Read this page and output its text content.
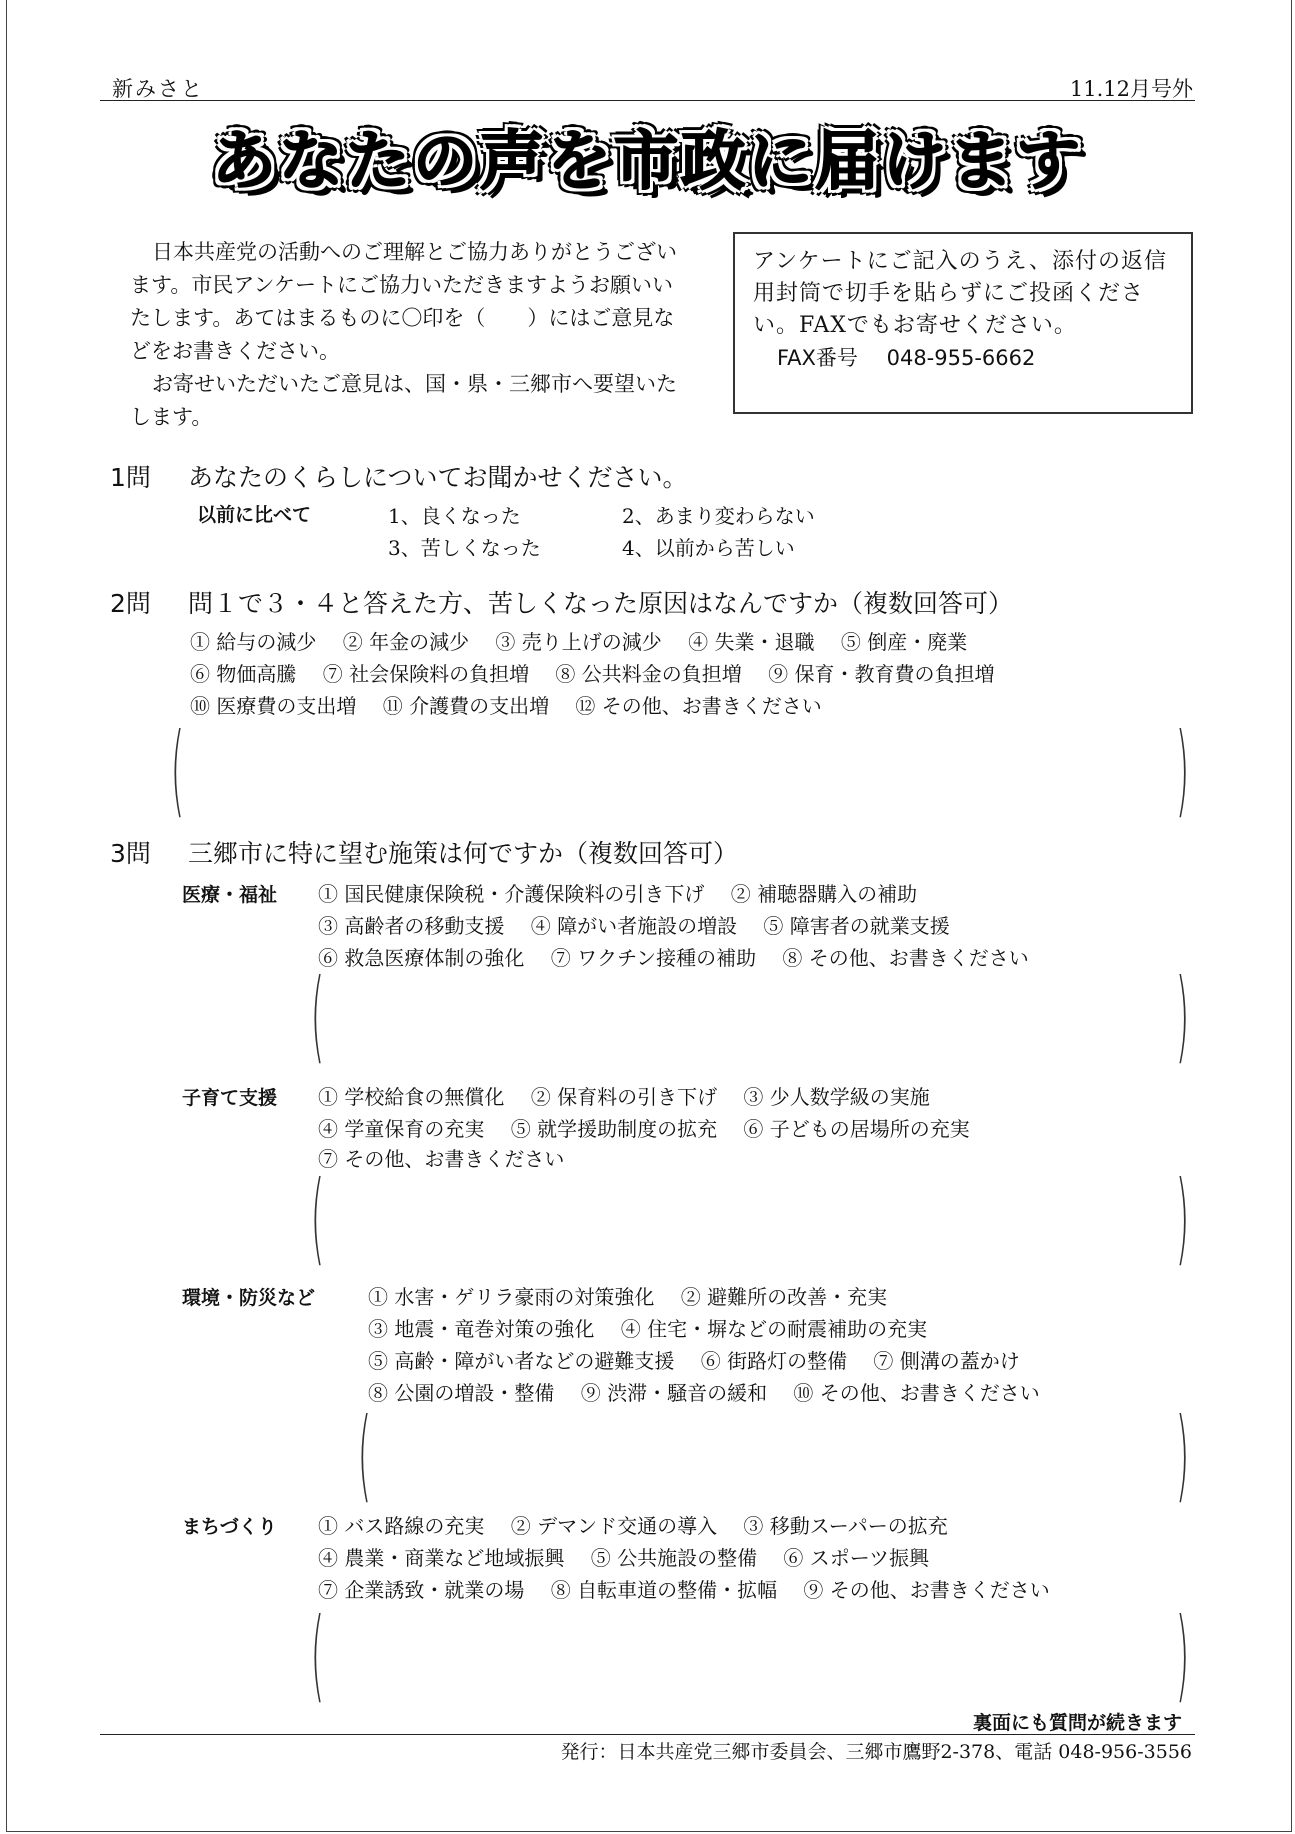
新みさと	11.12月号外
あなたの声を市政に届けます

日本共産党の活動へのご理解とご協力ありがとうございます。市民アンケートにご協力いただきますようお願いいたします。あてはまるものに〇印を（　　）にはご意見などをお書きください。

お寄せいただいたご意見は、国・県・三郷市へ要望いたします。

アンケートにご記入のうえ、添付の返信用封筒で切手を貼らずにご投函ください。FAXでもお寄せください。
FAX番号 048-955-6662
1問 あなたのくらしについてお聞かせください。
以前に比べて	1、良くなった	2、あまり変わらない
3、苦しくなった	4、以前から苦しい
2問 問１で３・４と答えた方、苦しくなった原因はなんですか（複数回答可）
① 給与の減少　 ② 年金の減少　 ③ 売り上げの減少　 ④ 失業・退職　 ⑤ 倒産・廃業
⑥ 物価高騰　 ⑦ 社会保険料の負担増　 ⑧ 公共料金の負担増　 ⑨ 保育・教育費の負担増
⑩ 医療費の支出増　 ⑪ 介護費の支出増　 ⑫ その他、お書きください
(	)
3問 三郷市に特に望む施策は何ですか（複数回答可）
医療・福祉 ① 国民健康保険税・介護保険料の引き下げ　 ② 補聴器購入の補助
③ 高齢者の移動支援　 ④ 障がい者施設の増設　 ⑤ 障害者の就業支援
⑥ 救急医療体制の強化　 ⑦ ワクチン接種の補助　 ⑧ その他、お書きください
(	)
子育て支援 ① 学校給食の無償化　 ② 保育料の引き下げ　 ③ 少人数学級の実施
④ 学童保育の充実　 ⑤ 就学援助制度の拡充　 ⑥ 子どもの居場所の充実
⑦ その他、お書きください
(	)
環境・防災など	① 水害・ゲリラ豪雨の対策強化　 ② 避難所の改善・充実
③ 地震・竜巻対策の強化　 ④ 住宅・塀などの耐震補助の充実
⑤ 高齢・障がい者などの避難支援　 ⑥ 街路灯の整備　 ⑦ 側溝の蓋かけ
⑧ 公園の増設・整備　 ⑨ 渋滞・騒音の緩和　 ⑩ その他、お書きください
(	)
まちづくり ① バス路線の充実　 ② デマンド交通の導入　 ③ 移動スーパーの拡充
④ 農業・商業など地域振興　 ⑤ 公共施設の整備　 ⑥ スポーツ振興
⑦ 企業誘致・就業の場　 ⑧ 自転車道の整備・拡幅　 ⑨ その他、お書きください
(	)
裏面にも質問が続きます
発行：日本共産党三郷市委員会、三郷市鷹野2-378、電話 048-956-3556
